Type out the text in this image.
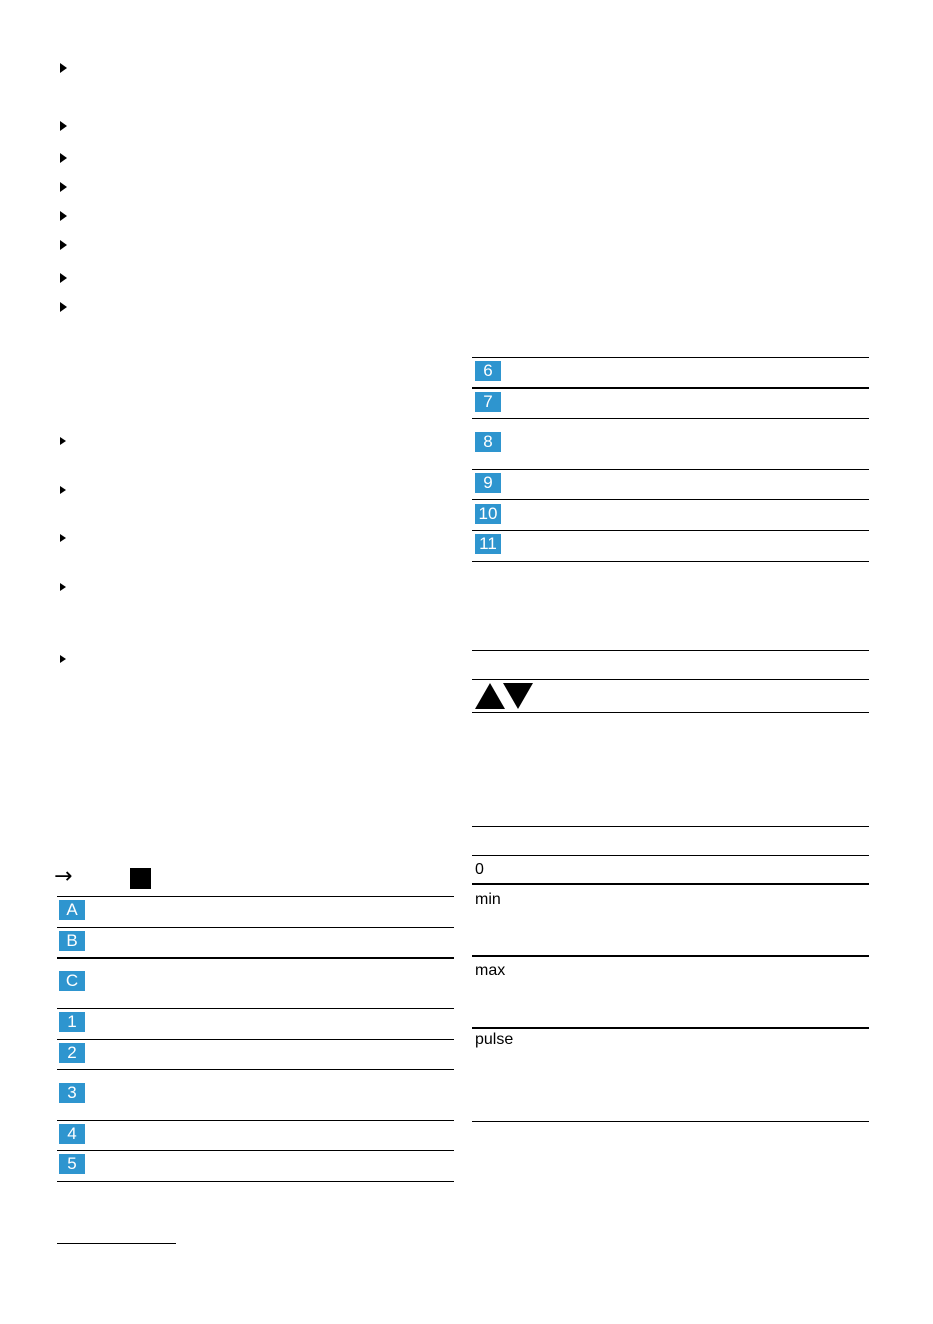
→
A
B
C
1
2
3
4
5
6
7
8
9
10
11
0
min
max
pulse
